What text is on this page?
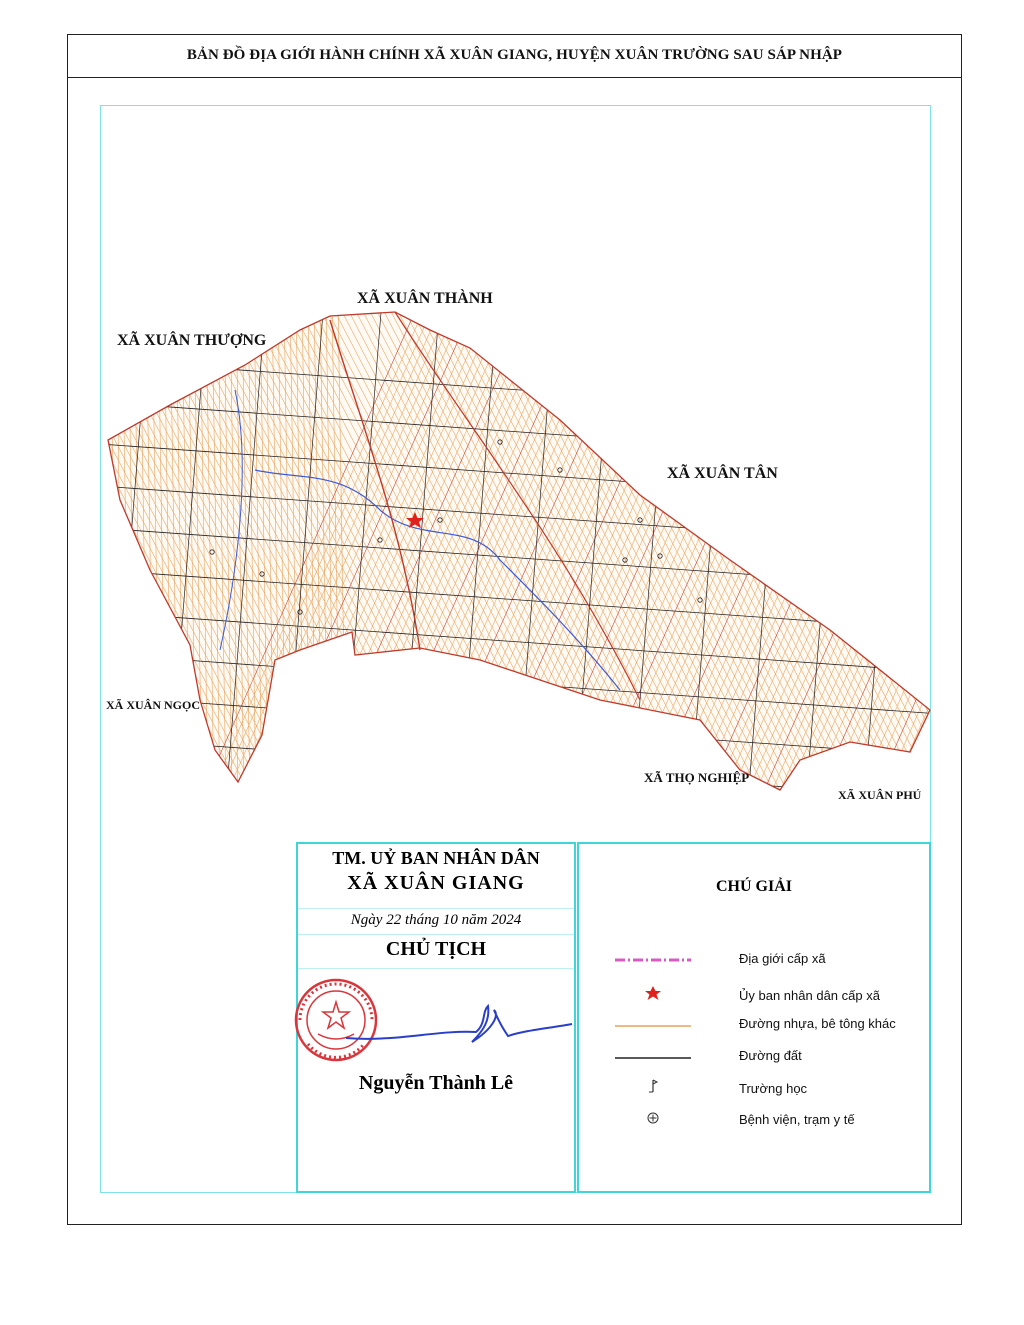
BẢN ĐỒ ĐỊA GIỚI HÀNH CHÍNH XÃ XUÂN GIANG, HUYỆN XUÂN TRƯỜNG SAU SÁP NHẬP
XÃ XUÂN THÀNH
XÃ XUÂN THƯỢNG
XÃ XUÂN TÂN
XÃ XUÂN NGỌC
XÃ THỌ NGHIỆP
XÃ XUÂN PHÚ
TM. UỶ BAN NHÂN DÂN
XÃ XUÂN GIANG
Ngày 22 tháng 10 năm 2024
CHỦ TỊCH
Nguyễn Thành Lê
CHÚ GIẢI
Địa giới cấp xã
Ủy ban nhân dân cấp xã
Đường nhựa, bê tông khác
Đường đất
Trường học
Bệnh viện, trạm y tế
